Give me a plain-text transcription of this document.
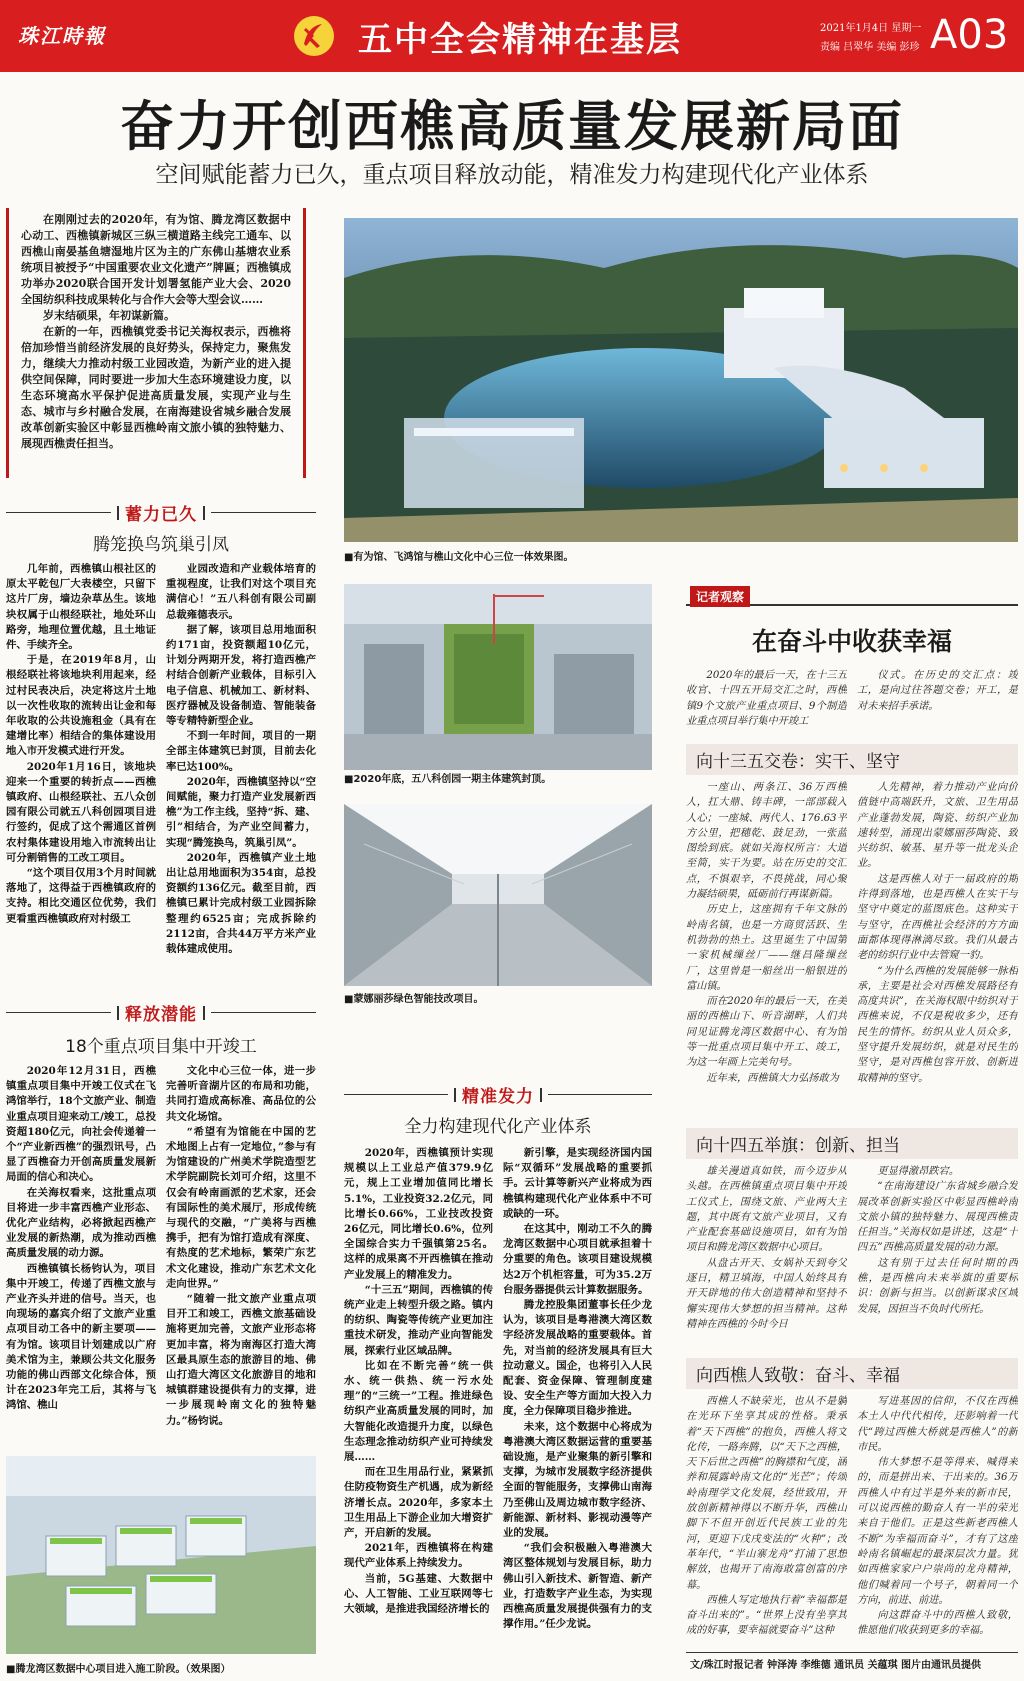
珠江時報	五中全会精神在基层	2021年1月4日 星期一
责编 吕翠华 美编 彭珍 A03
奋力开创西樵高质量发展新局面
空间赋能蓄力已久，重点项目释放动能，精准发力构建现代化产业体系

在刚刚过去的2020年，有为馆、腾龙湾区数据中心动工、西樵镇新城区三纵三横道路主线完工通车、以西樵山南晏基鱼塘湿地片区为主的广东佛山基塘农业系统项目被授予“中国重要农业文化遗产”牌匾；西樵镇成功举办2020联合国开发计划署氢能产业大会、2020全国纺织科技成果转化与合作大会等大型会议……

岁末结硕果，年初谋新篇。

在新的一年，西樵镇党委书记关海权表示，西樵将倍加珍惜当前经济发展的良好势头，保持定力，聚焦发力，继续大力推动村级工业园改造，为新产业的进入提供空间保障，同时要进一步加大生态环境建设力度，以生态环境高水平保护促进高质量发展，实现产业与生态、城市与乡村融合发展，在南海建设省城乡融合发展改革创新实验区中彰显西樵岭南文旅小镇的独特魅力、展现西樵责任担当。

■有为馆、飞鸿馆与樵山文化中心三位一体效果图。
■2020年底，五八科创园一期主体建筑封顶。
■蒙娜丽莎绿色智能技改项目。
蓄力已久
腾笼换鸟筑巢引凤

几年前，西樵镇山根社区的原太平乾包厂大表楼空，只留下这片厂房，墙边杂草丛生。该地块权属于山根经联社，地处环山路旁，地理位置优越，且土地证件、手续齐全。

于是，在2019年8月，山根经联社将该地块利用起来，经过村民表决后，决定将这片土地以一次性收取的流转出让金和每年收取的公共设施租金（具有在建增比率）相结合的集体建设用地入市开发模式进行开发。

2020年1月16日，该地块迎来一个重要的转折点——西樵镇政府、山根经联社、五八众创园有限公司就五八科创园项目进行签约，促成了这个需通区首例农村集体建设用地入市流转出让可分割销售的工改工项目。

“这个项目仅用3个月时间就落地了，这得益于西樵镇政府的支持。相比交通区位优势，我们更看重西樵镇政府对村级工

业园改造和产业载体培育的重视程度，让我们对这个项目充满信心！”五八科创有限公司副总裁雍德表示。

据了解，该项目总用地面积约171亩，投资额超10亿元，计划分两期开发，将打造西樵产村结合创新产业载体，目标引入电子信息、机械加工、新材料、医疗器械及设备制造、智能装备等专精特新型企业。

不到一年时间，项目的一期全部主体建筑已封顶，目前去化率已达100%。

2020年，西樵镇坚持以“空间赋能，聚力打造产业发展新西樵”为工作主线，坚持“拆、建、引”相结合，为产业空间蓄力，实现“腾笼换鸟，筑巢引凤”。

2020年，西樵镇产业土地出让总用地面积为354亩，总投资额约136亿元。截至目前，西樵镇已累计完成村级工业园拆除整理约6525亩；完成拆除约2112亩，合共44万平方米产业载体建成使用。

释放潜能
18个重点项目集中开竣工

2020年12月31日，西樵镇重点项目集中开竣工仪式在飞鸿馆举行，18个文旅产业、制造业重点项目迎来动工/竣工，总投资超180亿元，向社会传递着一个“产业新西樵”的强烈讯号，凸显了西樵奋力开创高质量发展新局面的信心和决心。

在关海权看来，这批重点项目将进一步丰富西樵产业形态、优化产业结构，必将掀起西樵产业发展的新热潮，成为推动西樵高质量发展的动力源。

西樵镇镇长杨钧认为，项目集中开竣工，传递了西樵文旅与产业齐头并进的信号。当天，也向现场的嘉宾介绍了文旅产业重点项目动工各中的新主要项——有为馆。该项目计划建成以广府美术馆为主，兼顾公共文化服务功能的佛山西部文化综合体，预计在2023年完工后，其将与飞鸿馆、樵山

文化中心三位一体，进一步完善听音湖片区的布局和功能，共同打造成高标准、高品位的公共文化场馆。

“希望有为馆能在中国的艺术地图上占有一定地位，”参与有为馆建设的广州美术学院造型艺术学院副院长刘可介绍，这里不仅会有岭南画派的艺术家，还会有国际性的美术展厅，形成传统与现代的交融，“广美将与西樵携手，把有为馆打造成有深度、有热度的艺术地标，繁荣广东艺术文化建设，推动广东艺术文化走向世界。”

“随着一批文旅产业重点项目开工和竣工，西樵文旅基础设施将更加完善，文旅产业形态将更加丰富，将为南海区打造大湾区最具原生态的旅游目的地、佛山打造大湾区文化旅游目的地和城镇群建设提供有力的支撑，进一步展现岭南文化的独特魅力。”杨钧说。

■腾龙湾区数据中心项目进入施工阶段。（效果图）
精准发力
全力构建现代化产业体系

2020年，西樵镇预计实现规模以上工业总产值379.9亿元，规上工业增加值同比增长5.1%，工业投资32.2亿元，同比增长0.66%，工业技改投资26亿元，同比增长0.6%，位列全国综合实力千强镇第25名。这样的成果离不开西樵镇在推动产业发展上的精准发力。

“十三五”期间，西樵镇的传统产业走上转型升级之路。镇内的纺织、陶瓷等传统产业更加注重技术研发，推动产业向智能发展，探索行业区域品牌。

比如在不断完善“统一供水、统一供热、统一污水处理”的“三统一”工程。推进绿色纺织产业高质量发展的同时，加大智能化改造提升力度，以绿色生态理念推动纺织产业可持续发展……

而在卫生用品行业，紧紧抓住防疫物资生产机遇，成为新经济增长点。2020年，多家本土卫生用品上下游企业加大增资扩产，开启新的发展。

2021年，西樵镇将在构建现代产业体系上持续发力。

当前，5G基建、大数据中心、人工智能、工业互联网等七大领域，是推进我国经济增长的

新引擎，是实现经济国内国际“双循环”发展战略的重要抓手。云计算等新兴产业将成为西樵镇构建现代化产业体系中不可或缺的一环。

在这其中，刚动工不久的腾龙湾区数据中心项目就承担着十分重要的角色。该项目建设规模达2万个机柜容量，可为35.2万台服务器提供云计算数据服务。

腾龙控股集团董事长任少龙认为，该项目是粤港澳大湾区数字经济发展战略的重要载体。首先，对当前的经济发展具有巨大拉动意义。国企，也将引入人民配套、资金保障、管理制度建设、安全生产等方面加大投入力度，全力保障项目稳步推进。

未来，这个数据中心将成为粤港澳大湾区数据运营的重要基础设施，是产业聚集的新引擎和支撑，为城市发展数字经济提供全面的智能服务，支撑佛山南海乃至佛山及周边城市数字经济、新能源、新材料、影视动漫等产业的发展。

“我们会积极融入粤港澳大湾区整体规划与发展目标，助力佛山引入新技术、新智造、新产业，打造数字产业生态，为实现西樵高质量发展提供强有力的支撑作用。”任少龙说。

记者观察
在奋斗中收获幸福

2020年的最后一天，在十三五收官、十四五开局交汇之时，西樵镇9个文旅产业重点项目、9个制造业重点项目举行集中开竣工

仪式。在历史的交汇点：竣工，是向过往答题交卷；开工，是对未来招手承诺。

向十三五交卷：实干、坚守

一座山、两条江、36万西樵人，扛大鼎、铸丰碑，一部部载入人心；一座城、两代人、176.63平方公里，把穗乾、鼓足劲，一张蓝图绘到底。就如关海权所言：大道至简，实干为要。站在历史的交汇点，不惧艰辛，不畏挑战，同心聚力凝结硕果，砥砺前行再谋新篇。

历史上，这座拥有千年文脉的岭南名镇，也是一方商贸活跃、生机勃勃的热土。这里诞生了中国第一家机械缫丝厂——继昌隆缫丝厂，这里曾是一船丝出一船银进的富山镇。

而在2020年的最后一天，在美丽的西樵山下、听音湖畔，人们共同见证腾龙湾区数据中心、有为馆等一批重点项目集中开工、竣工，为这一年画上完美句号。

近年来，西樵镇大力弘扬敢为

人先精神，着力推动产业向价值链中高端跃升，文旅、卫生用品产业蓬勃发展，陶瓷、纺织产业加速转型，涌现出蒙娜丽莎陶瓷、致兴纺织、敏基、星升等一批龙头企业。

这是西樵人对于一届政府的期许得到落地，也是西樵人在实干与坚守中奠定的蓝图底色。这种实干与坚守，在西樵社会经济的方方面面都体现得淋漓尽致。我们从最古老的纺织行业中去管窥一豹。

“为什么西樵的发展能够一脉相承，主要是社会对西樵发展路径有高度共识”，在关海权眼中纺织对于西樵来说，不仅是税收多少，还有民生的情怀。纺织从业人员众多，坚守提升发展纺织，就是对民生的坚守，是对西樵包容开放、创新进取精神的坚守。

向十四五举旗：创新、担当

雄关漫道真如铁，而今迈步从头越。在西樵镇重点项目集中开竣工仪式上，围绕文旅、产业两大主题，其中既有文旅产业项目，又有产业配套基础设施项目，如有为馆项目和腾龙湾区数据中心项目。

从盘古开天、女娲补天到夸父逐日，精卫填海，中国人始终具有开天辟地的伟大创造精神和坚持不懈实现伟大梦想的担当精神。这种精神在西樵的今时今日

更显得激昂跌宕。

“在南海建设广东省城乡融合发展改革创新实验区中彰显西樵岭南文旅小镇的独特魅力、展现西樵责任担当。”关海权如是讲述，这是“十四五”西樵高质量发展的动力源。

这有别于过去任何时期的西樵，是西樵向未来举旗的重要标识：创新与担当。以创新谋求区域发展，因担当不负时代所托。

向西樵人致敬：奋斗、幸福

西樵人不缺荣光，也从不是躺在光环下坐享其成的性格。秉承着“天下西樵”的抱负，西樵人将文化传，一路奔腾，以“天下之西樵，天下后世之西樵”的胸襟和气度，涵养和展露岭南文化的“光芒”；传颂岭南理学文化发展，经世致用，开放创新精神得以不断升华，西樵山脚下不但开创近代民族工业的先河，更迎下戊戌变法的“火种”；改革年代，“半山寨龙舟”打浦了思想解放，也揭开了南海敢富创富的序幕。

西樵人写定地执行着“幸福都是奋斗出来的”。“世界上没有坐享其成的好事，要幸福就要奋斗”这种

写进基因的信仰，不仅在西樵本土人中代代相传，还影响着一代代“跨过西樵大桥就是西樵人”的新市民。

伟大梦想不是等得来、喊得来的，而是拼出来、干出来的。36万西樵人中有过半是外来的新市民，可以说西樵的勤奋人有一半的荣光来自于他们。正是这些新老西樵人不断“为幸福而奋斗”，才有了这座岭南名镇崛起的最深层次力量。犹如西樵家家户户崇尚的龙舟精神，他们喊着同一个号子，朝着同一个方向，前进、前进。

向这群奋斗中的西樵人致敬，惟愿他们收获到更多的幸福。

文/珠江时报记者 钟泽涛 李维德 通讯员 关蕴琪 图片由通讯员提供
